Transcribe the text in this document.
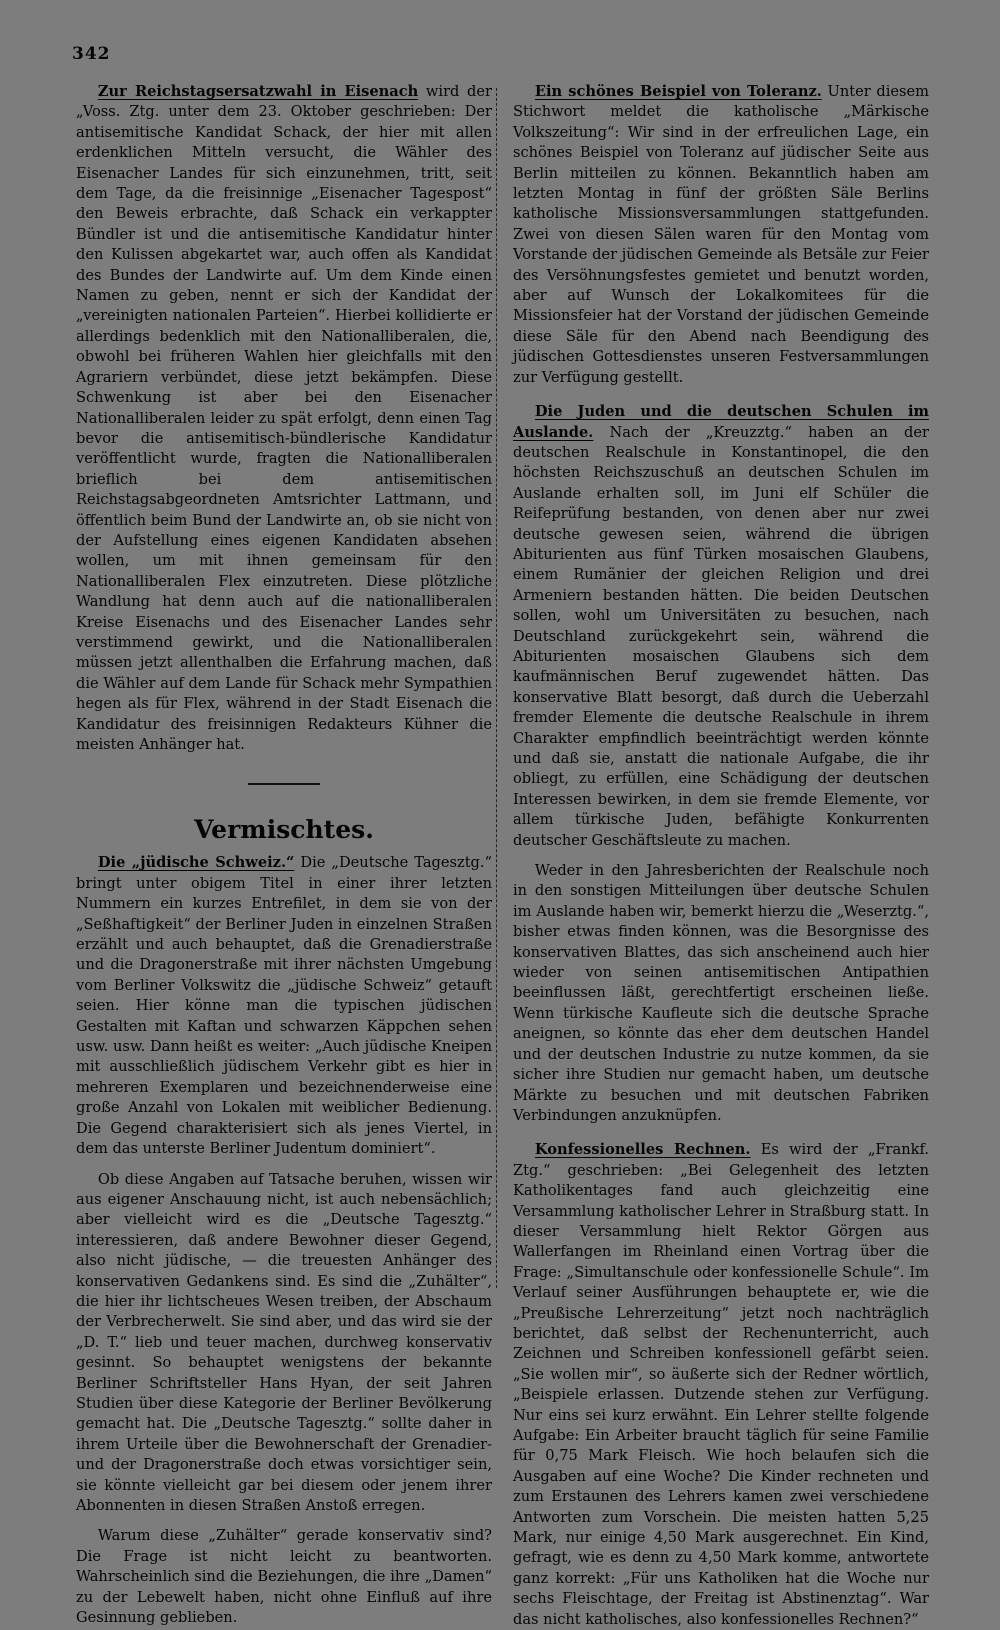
342

Zur Reichstagsersatzwahl in Eisenach wird der „Voss. Ztg. unter dem 23. Oktober geschrieben: Der antisemitische Kandidat Schack, der hier mit allen erdenklichen Mitteln versucht, die Wähler des Eisenacher Landes für sich einzunehmen, tritt, seit dem Tage, da die freisinnige „Eisenacher Tagespost“ den Beweis erbrachte, daß Schack ein verkappter Bündler ist und die antisemitische Kandidatur hinter den Kulissen abgekartet war, auch offen als Kandidat des Bundes der Landwirte auf. Um dem Kinde einen Namen zu geben, nennt er sich der Kandidat der „vereinigten nationalen Parteien“. Hierbei kollidierte er allerdings bedenklich mit den Nationalliberalen, die, obwohl bei früheren Wahlen hier gleichfalls mit den Agrariern verbündet, diese jetzt bekämpfen. Diese Schwenkung ist aber bei den Eisenacher Nationalliberalen leider zu spät erfolgt, denn einen Tag bevor die antisemitisch-bündlerische Kandidatur veröffentlicht wurde, fragten die Nationalliberalen brieflich bei dem antisemitischen Reichstagsabgeordneten Amtsrichter Lattmann, und öffentlich beim Bund der Landwirte an, ob sie nicht von der Aufstellung eines eigenen Kandidaten absehen wollen, um mit ihnen gemeinsam für den Nationalliberalen Flex einzutreten. Diese plötzliche Wandlung hat denn auch auf die nationalliberalen Kreise Eisenachs und des Eisenacher Landes sehr verstimmend gewirkt, und die Nationalliberalen müssen jetzt allenthalben die Erfahrung machen, daß die Wähler auf dem Lande für Schack mehr Sympathien hegen als für Flex, während in der Stadt Eisenach die Kandidatur des freisinnigen Redakteurs Kühner die meisten Anhänger hat.

Vermischtes.

Die „jüdische Schweiz.“ Die „Deutsche Tagesztg.“ bringt unter obigem Titel in einer ihrer letzten Nummern ein kurzes Entrefilet, in dem sie von der „Seßhaftigkeit“ der Berliner Juden in einzelnen Straßen erzählt und auch behauptet, daß die Grenadierstraße und die Dragonerstraße mit ihrer nächsten Umgebung vom Berliner Volkswitz die „jüdische Schweiz“ getauft seien. Hier könne man die typischen jüdischen Gestalten mit Kaftan und schwarzen Käppchen sehen usw. usw. Dann heißt es weiter: „Auch jüdische Kneipen mit ausschließlich jüdischem Verkehr gibt es hier in mehreren Exemplaren und bezeichnenderweise eine große Anzahl von Lokalen mit weiblicher Bedienung. Die Gegend charakterisiert sich als jenes Viertel, in dem das unterste Berliner Judentum dominiert“.

Ob diese Angaben auf Tatsache beruhen, wissen wir aus eigener Anschauung nicht, ist auch nebensächlich; aber vielleicht wird es die „Deutsche Tagesztg.“ interessieren, daß andere Bewohner dieser Gegend, also nicht jüdische, — die treuesten Anhänger des konservativen Gedankens sind. Es sind die „Zuhälter“, die hier ihr lichtscheues Wesen treiben, der Abschaum der Verbrecherwelt. Sie sind aber, und das wird sie der „D. T.“ lieb und teuer machen, durchweg konservativ gesinnt. So behauptet wenigstens der bekannte Berliner Schriftsteller Hans Hyan, der seit Jahren Studien über diese Kategorie der Berliner Bevölkerung gemacht hat. Die „Deutsche Tagesztg.“ sollte daher in ihrem Urteile über die Bewohnerschaft der Grenadier- und der Dragonerstraße doch etwas vorsichtiger sein, sie könnte vielleicht gar bei diesem oder jenem ihrer Abonnenten in diesen Straßen Anstoß erregen.

Warum diese „Zuhälter“ gerade konservativ sind? Die Frage ist nicht leicht zu beantworten. Wahrscheinlich sind die Beziehungen, die ihre „Damen“ zu der Lebewelt haben, nicht ohne Einfluß auf ihre Gesinnung geblieben.

Ein schönes Beispiel von Toleranz. Unter diesem Stichwort meldet die katholische „Märkische Volkszeitung“: Wir sind in der erfreulichen Lage, ein schönes Beispiel von Toleranz auf jüdischer Seite aus Berlin mitteilen zu können. Bekanntlich haben am letzten Montag in fünf der größten Säle Berlins katholische Missionsversammlungen stattgefunden. Zwei von diesen Sälen waren für den Montag vom Vorstande der jüdischen Gemeinde als Betsäle zur Feier des Versöhnungsfestes gemietet und benutzt worden, aber auf Wunsch der Lokalkomitees für die Missionsfeier hat der Vorstand der jüdischen Gemeinde diese Säle für den Abend nach Beendigung des jüdischen Gottesdienstes unseren Festversammlungen zur Verfügung gestellt.

Die Juden und die deutschen Schulen im Auslande. Nach der „Kreuzztg.“ haben an der deutschen Realschule in Konstantinopel, die den höchsten Reichszuschuß an deutschen Schulen im Auslande erhalten soll, im Juni elf Schüler die Reifeprüfung bestanden, von denen aber nur zwei deutsche gewesen seien, während die übrigen Abiturienten aus fünf Türken mosaischen Glaubens, einem Rumänier der gleichen Religion und drei Armeniern bestanden hätten. Die beiden Deutschen sollen, wohl um Universitäten zu besuchen, nach Deutschland zurückgekehrt sein, während die Abiturienten mosaischen Glaubens sich dem kaufmännischen Beruf zugewendet hätten. Das konservative Blatt besorgt, daß durch die Ueberzahl fremder Elemente die deutsche Realschule in ihrem Charakter empfindlich beeinträchtigt werden könnte und daß sie, anstatt die nationale Aufgabe, die ihr obliegt, zu erfüllen, eine Schädigung der deutschen Interessen bewirken, in dem sie fremde Elemente, vor allem türkische Juden, befähigte Konkurrenten deutscher Geschäftsleute zu machen.

Weder in den Jahresberichten der Realschule noch in den sonstigen Mitteilungen über deutsche Schulen im Auslande haben wir, bemerkt hierzu die „Weserztg.“, bisher etwas finden können, was die Besorgnisse des konservativen Blattes, das sich anscheinend auch hier wieder von seinen antisemitischen Antipathien beeinflussen läßt, gerechtfertigt erscheinen ließe. Wenn türkische Kaufleute sich die deutsche Sprache aneignen, so könnte das eher dem deutschen Handel und der deutschen Industrie zu nutze kommen, da sie sicher ihre Studien nur gemacht haben, um deutsche Märkte zu besuchen und mit deutschen Fabriken Verbindungen anzuknüpfen.

Konfessionelles Rechnen. Es wird der „Frankf. Ztg.“ geschrieben: „Bei Gelegenheit des letzten Katholikentages fand auch gleichzeitig eine Versammlung katholischer Lehrer in Straßburg statt. In dieser Versammlung hielt Rektor Görgen aus Wallerfangen im Rheinland einen Vortrag über die Frage: „Simultanschule oder konfessionelle Schule“. Im Verlauf seiner Ausführungen behauptete er, wie die „Preußische Lehrerzeitung“ jetzt noch nachträglich berichtet, daß selbst der Rechenunterricht, auch Zeichnen und Schreiben konfessionell gefärbt seien. „Sie wollen mir“, so äußerte sich der Redner wörtlich, „Beispiele erlassen. Dutzende stehen zur Verfügung. Nur eins sei kurz erwähnt. Ein Lehrer stellte folgende Aufgabe: Ein Arbeiter braucht täglich für seine Familie für 0,75 Mark Fleisch. Wie hoch belaufen sich die Ausgaben auf eine Woche? Die Kinder rechneten und zum Erstaunen des Lehrers kamen zwei verschiedene Antworten zum Vorschein. Die meisten hatten 5,25 Mark, nur einige 4,50 Mark ausgerechnet. Ein Kind, gefragt, wie es denn zu 4,50 Mark komme, antwortete ganz korrekt: „Für uns Katholiken hat die Woche nur sechs Fleischtage, der Freitag ist Abstinenztag“. War das nicht katholisches, also konfessionelles Rechnen?“
